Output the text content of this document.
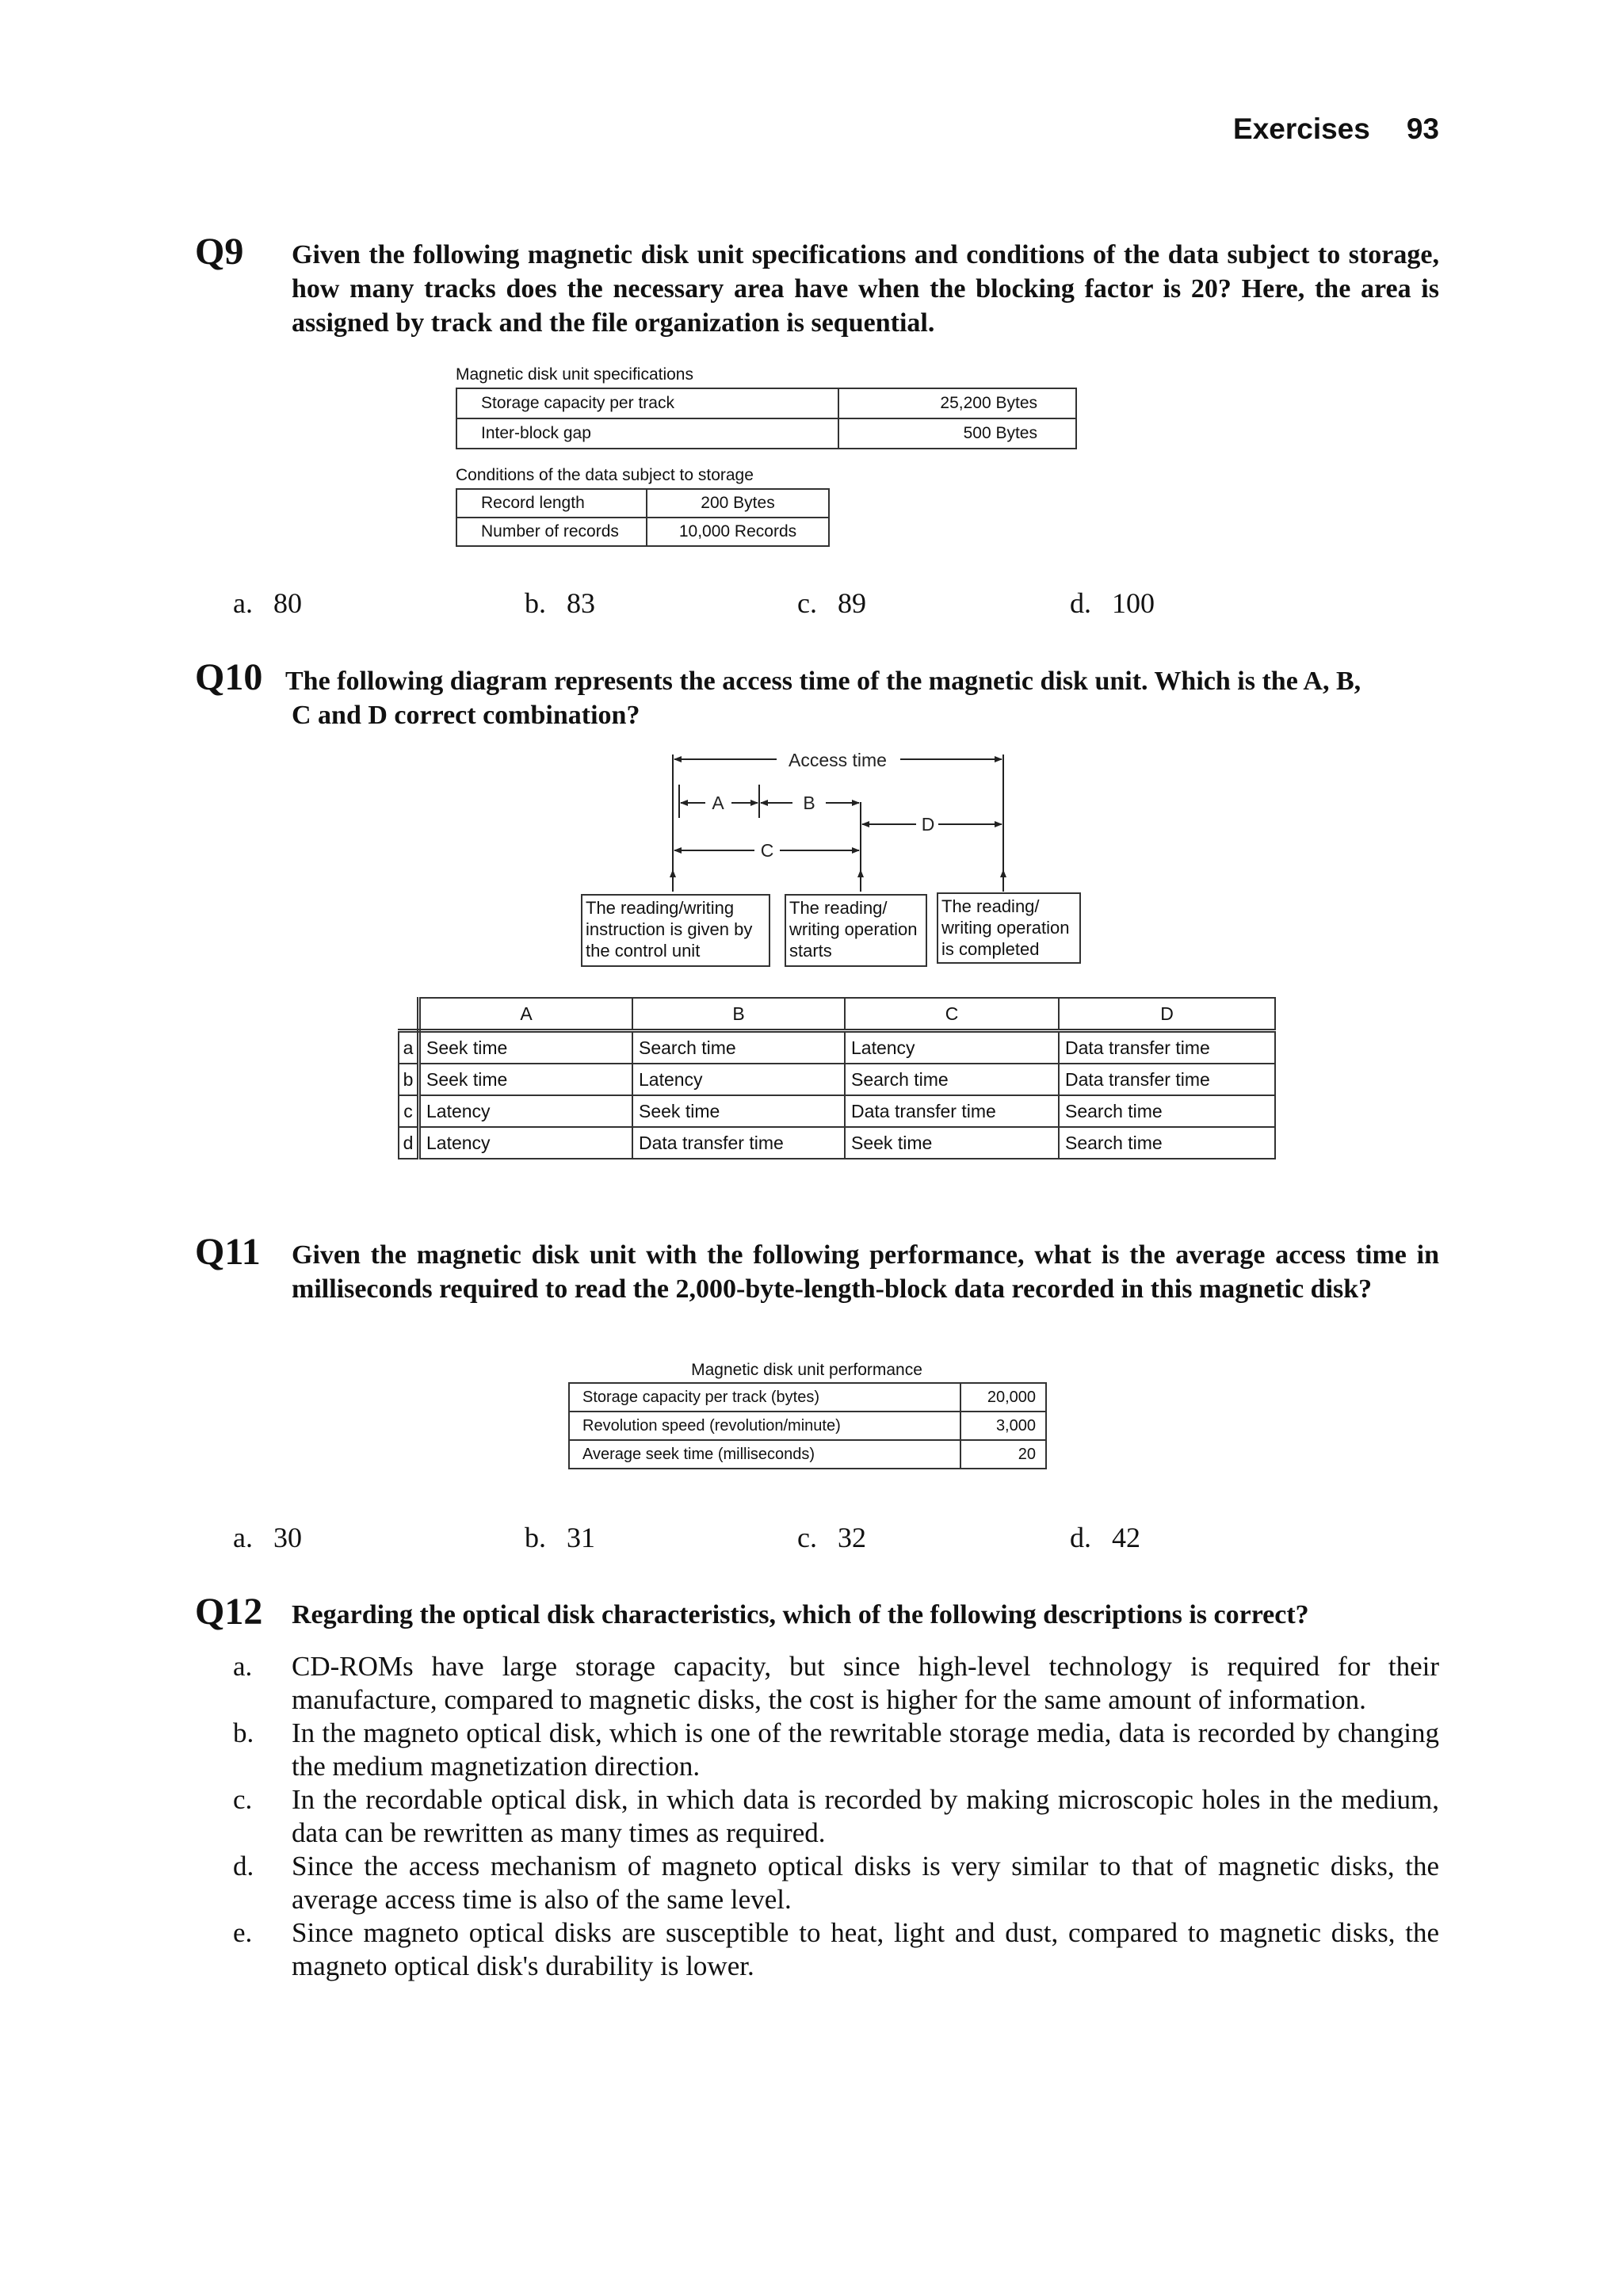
Exercises 93
Q9 Given the following magnetic disk unit specifications and conditions of the data subject to storage, how many tracks does the necessary area have when the blocking factor is 20? Here, the area is assigned by track and the file organization is sequential.
Magnetic disk unit specifications
Storage capacity per track	25,200 Bytes
Inter-block gap	500 Bytes
Conditions of the data subject to storage
Record length	200 Bytes
Number of records	10,000 Records
a. 80	b. 83	c. 89	d. 100
Q10 The following diagram represents the access time of the magnetic disk unit. Which is the A, B,
C and D correct combination?
Access time
A	B
D
C
The reading/writing instruction is given by the control unit
The reading/ writing operation starts
The reading/ writing operation is completed
	A	B	C	D
a	Seek time	Search time	Latency	Data transfer time
b	Seek time	Latency	Search time	Data transfer time
c	Latency	Seek time	Data transfer time	Search time
d	Latency	Data transfer time	Seek time	Search time
Q11 Given the magnetic disk unit with the following performance, what is the average access time in milliseconds required to read the 2,000-byte-length-block data recorded in this magnetic disk?
Magnetic disk unit performance
Storage capacity per track (bytes)	20,000
Revolution speed (revolution/minute)	3,000
Average seek time (milliseconds)	20
a. 30	b. 31	c. 32	d. 42
Q12 Regarding the optical disk characteristics, which of the following descriptions is correct?
a. CD-ROMs have large storage capacity, but since high-level technology is required for their manufacture, compared to magnetic disks, the cost is higher for the same amount of information.
b. In the magneto optical disk, which is one of the rewritable storage media, data is recorded by changing the medium magnetization direction.
c. In the recordable optical disk, in which data is recorded by making microscopic holes in the medium, data can be rewritten as many times as required.
d. Since the access mechanism of magneto optical disks is very similar to that of magnetic disks, the average access time is also of the same level.
e. Since magneto optical disks are susceptible to heat, light and dust, compared to magnetic disks, the magneto optical disk's durability is lower.
